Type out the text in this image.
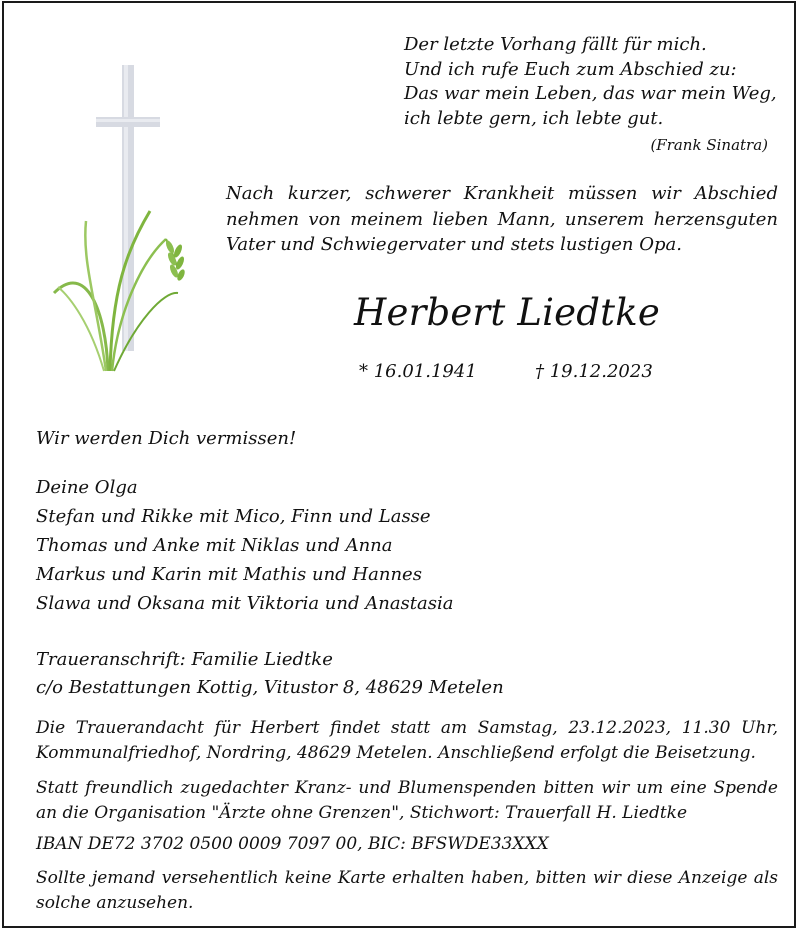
Der letzte Vorhang fällt für mich.
Und ich rufe Euch zum Abschied zu:
Das war mein Leben, das war mein Weg,
ich lebte gern, ich lebte gut.
(Frank Sinatra)
Nach kurzer, schwerer Krankheit müssen wir Abschied nehmen von meinem lieben Mann, unserem herzensguten Vater und Schwiegervater und stets lustigen Opa.
Herbert Liedtke
* 16.01.1941	† 19.12.2023
Wir werden Dich vermissen!
Deine Olga
Stefan und Rikke mit Mico, Finn und Lasse
Thomas und Anke mit Niklas und Anna
Markus und Karin mit Mathis und Hannes
Slawa und Oksana mit Viktoria und Anastasia
Traueranschrift: Familie Liedtke
c/o Bestattungen Kottig, Vitustor 8, 48629 Metelen
Die Trauerandacht für Herbert findet statt am Samstag, 23.12.2023, 11.30 Uhr, Kommunalfriedhof, Nordring, 48629 Metelen. Anschließend erfolgt die Beisetzung.
Statt freundlich zugedachter Kranz- und Blumenspenden bitten wir um eine Spende an die Organisation "Ärzte ohne Grenzen", Stichwort: Trauerfall H. Liedtke
IBAN DE72 3702 0500 0009 7097 00, BIC: BFSWDE33XXX
Sollte jemand versehentlich keine Karte erhalten haben, bitten wir diese Anzeige als solche anzusehen.
